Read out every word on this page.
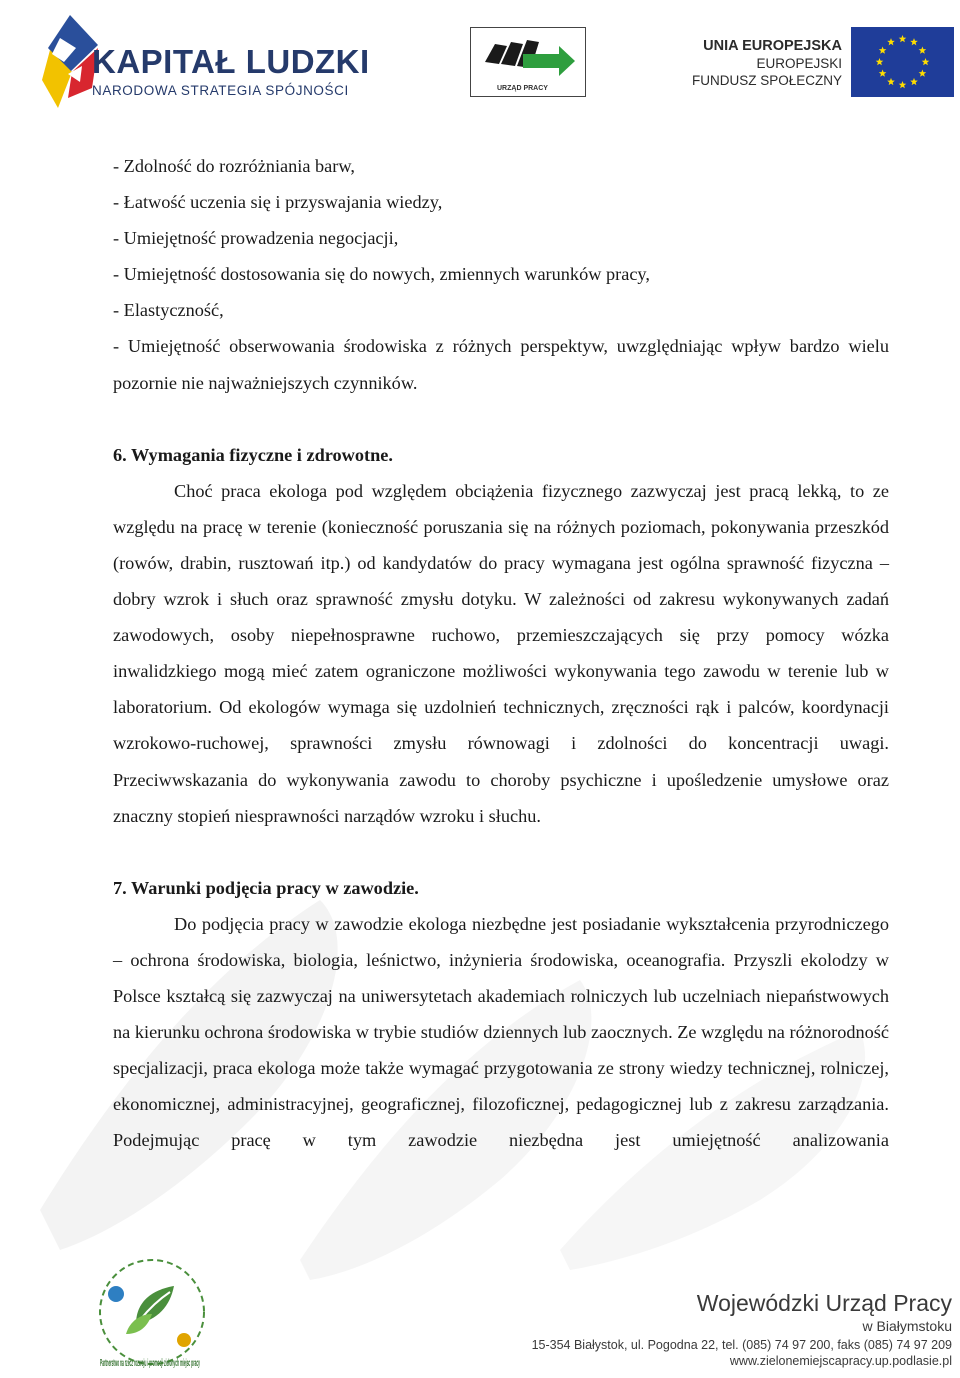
KAPITAŁ LUDZKI
NARODOWA STRATEGIA SPÓJNOŚCI	URZĄD PRACY
UNIA EUROPEJSKA
EUROPEJSKI
FUNDUSZ SPOŁECZNY

- Zdolność do rozróżniania barw,

- Łatwość uczenia się i przyswajania wiedzy,

- Umiejętność prowadzenia negocjacji,

- Umiejętność dostosowania się do nowych, zmiennych warunków pracy,

- Elastyczność,

- Umiejętność obserwowania środowiska z różnych perspektyw, uwzględniając wpływ bardzo wielu pozornie nie najważniejszych czynników.

6. Wymagania fizyczne i zdrowotne.

Choć praca ekologa pod względem obciążenia fizycznego zazwyczaj jest pracą lekką, to ze względu na pracę w terenie (konieczność poruszania się na różnych poziomach, pokonywania przeszkód (rowów, drabin, rusztowań itp.) od kandydatów do pracy wymagana jest ogólna sprawność fizyczna – dobry wzrok i słuch oraz sprawność zmysłu dotyku. W zależności od zakresu wykonywanych zadań zawodowych, osoby niepełnosprawne ruchowo, przemieszczających się przy pomocy wózka inwalidzkiego mogą mieć zatem ograniczone możliwości wykonywania tego zawodu w terenie lub w laboratorium. Od ekologów wymaga się uzdolnień technicznych, zręczności rąk i palców, koordynacji wzrokowo-ruchowej, sprawności zmysłu równowagi i zdolności do koncentracji uwagi. Przeciwwskazania do wykonywania zawodu to choroby psychiczne i upośledzenie umysłowe oraz znaczny stopień niesprawności narządów wzroku i słuchu.

7. Warunki podjęcia pracy w zawodzie.

Do podjęcia pracy w zawodzie ekologa niezbędne jest posiadanie wykształcenia przyrodniczego – ochrona środowiska, biologia, leśnictwo, inżynieria środowiska, oceanografia. Przyszli ekolodzy w Polsce kształcą się zazwyczaj na uniwersytetach akademiach rolniczych lub uczelniach niepaństwowych na kierunku ochrona środowiska w trybie studiów dziennych lub zaocznych. Ze względu na różnorodność specjalizacji, praca ekologa może także wymagać przygotowania ze strony wiedzy technicznej, rolniczej, ekonomicznej, administracyjnej, geograficznej, filozoficznej, pedagogicznej lub z zakresu zarządzania. Podejmując pracę w tym zawodzie niezbędna jest umiejętność analizowania

Partnerstwo na rzecz rozwoju i promocji zielonych miejsc pracy
Wojewódzki Urząd Pracy
w Białymstoku
15-354 Białystok, ul. Pogodna 22, tel. (085) 74 97 200, faks (085) 74 97 209
www.zielonemiejscapracy.up.podlasie.pl
